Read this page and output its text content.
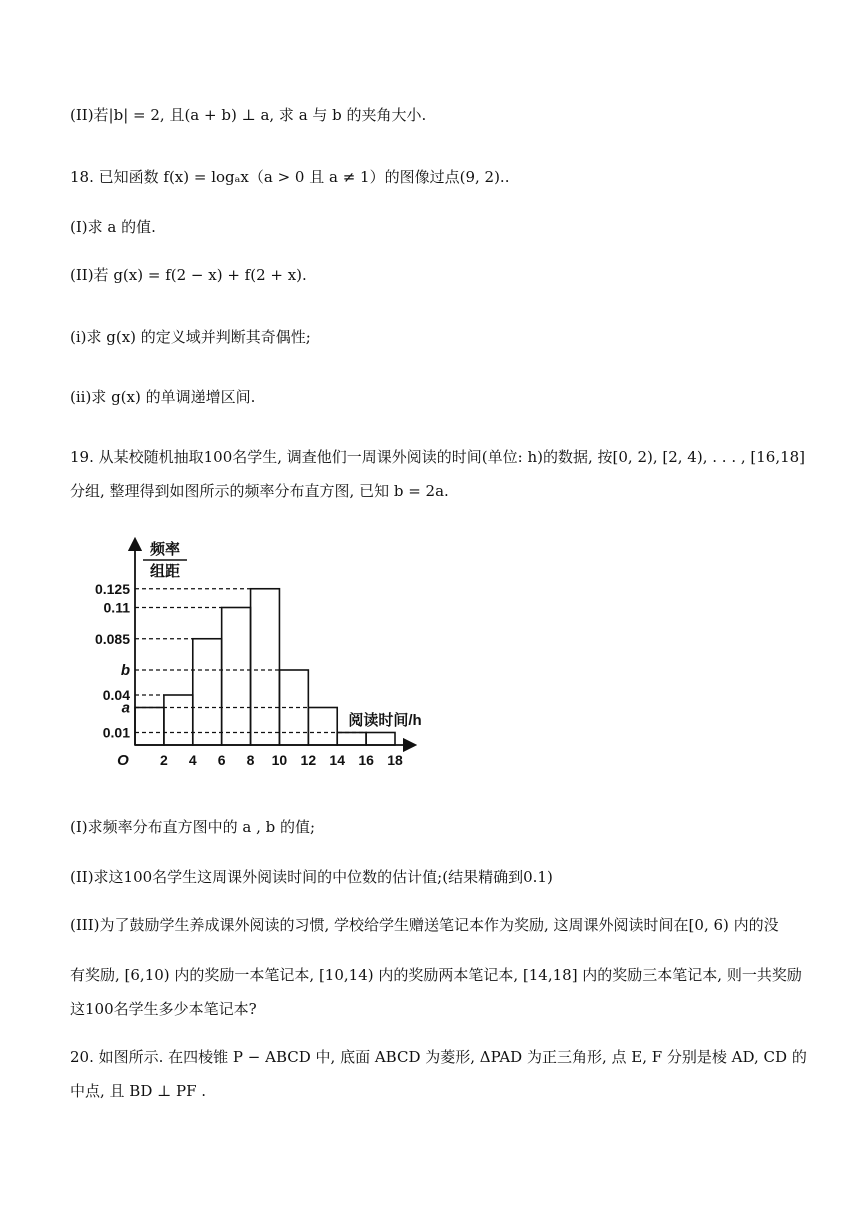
(II)若|b| = 2, 且(a + b) ⊥ a, 求 a 与 b 的夹角大小.
18. 已知函数 f(x) = logₐx（a > 0 且 a ≠ 1）的图像过点(9, 2)..
(I)求 a 的值.
(II)若 g(x) = f(2 − x) + f(2 + x).
(i)求 g(x) 的定义域并判断其奇偶性;
(ii)求 g(x) 的单调递增区间.
19. 从某校随机抽取100名学生, 调查他们一周课外阅读的时间(单位: h)的数据, 按[0, 2), [2, 4), . . . , [16,18]
分组, 整理得到如图所示的频率分布直方图, 已知 b = 2a.
0.125
0.11
0.085
b
0.04
a
0.01
2 4 6 8 10 12 14 16 18
O
频率
组距
阅读时间/h
(I)求频率分布直方图中的 a , b 的值;
(II)求这100名学生这周课外阅读时间的中位数的估计值;(结果精确到0.1)
(III)为了鼓励学生养成课外阅读的习惯, 学校给学生赠送笔记本作为奖励, 这周课外阅读时间在[0, 6) 内的没
有奖励, [6,10) 内的奖励一本笔记本, [10,14) 内的奖励两本笔记本, [14,18] 内的奖励三本笔记本, 则一共奖励
这100名学生多少本笔记本?
20. 如图所示. 在四棱锥 P − ABCD 中, 底面 ABCD 为菱形, ΔPAD 为正三角形, 点 E, F 分别是棱 AD, CD 的
中点, 且 BD ⊥ PF .
